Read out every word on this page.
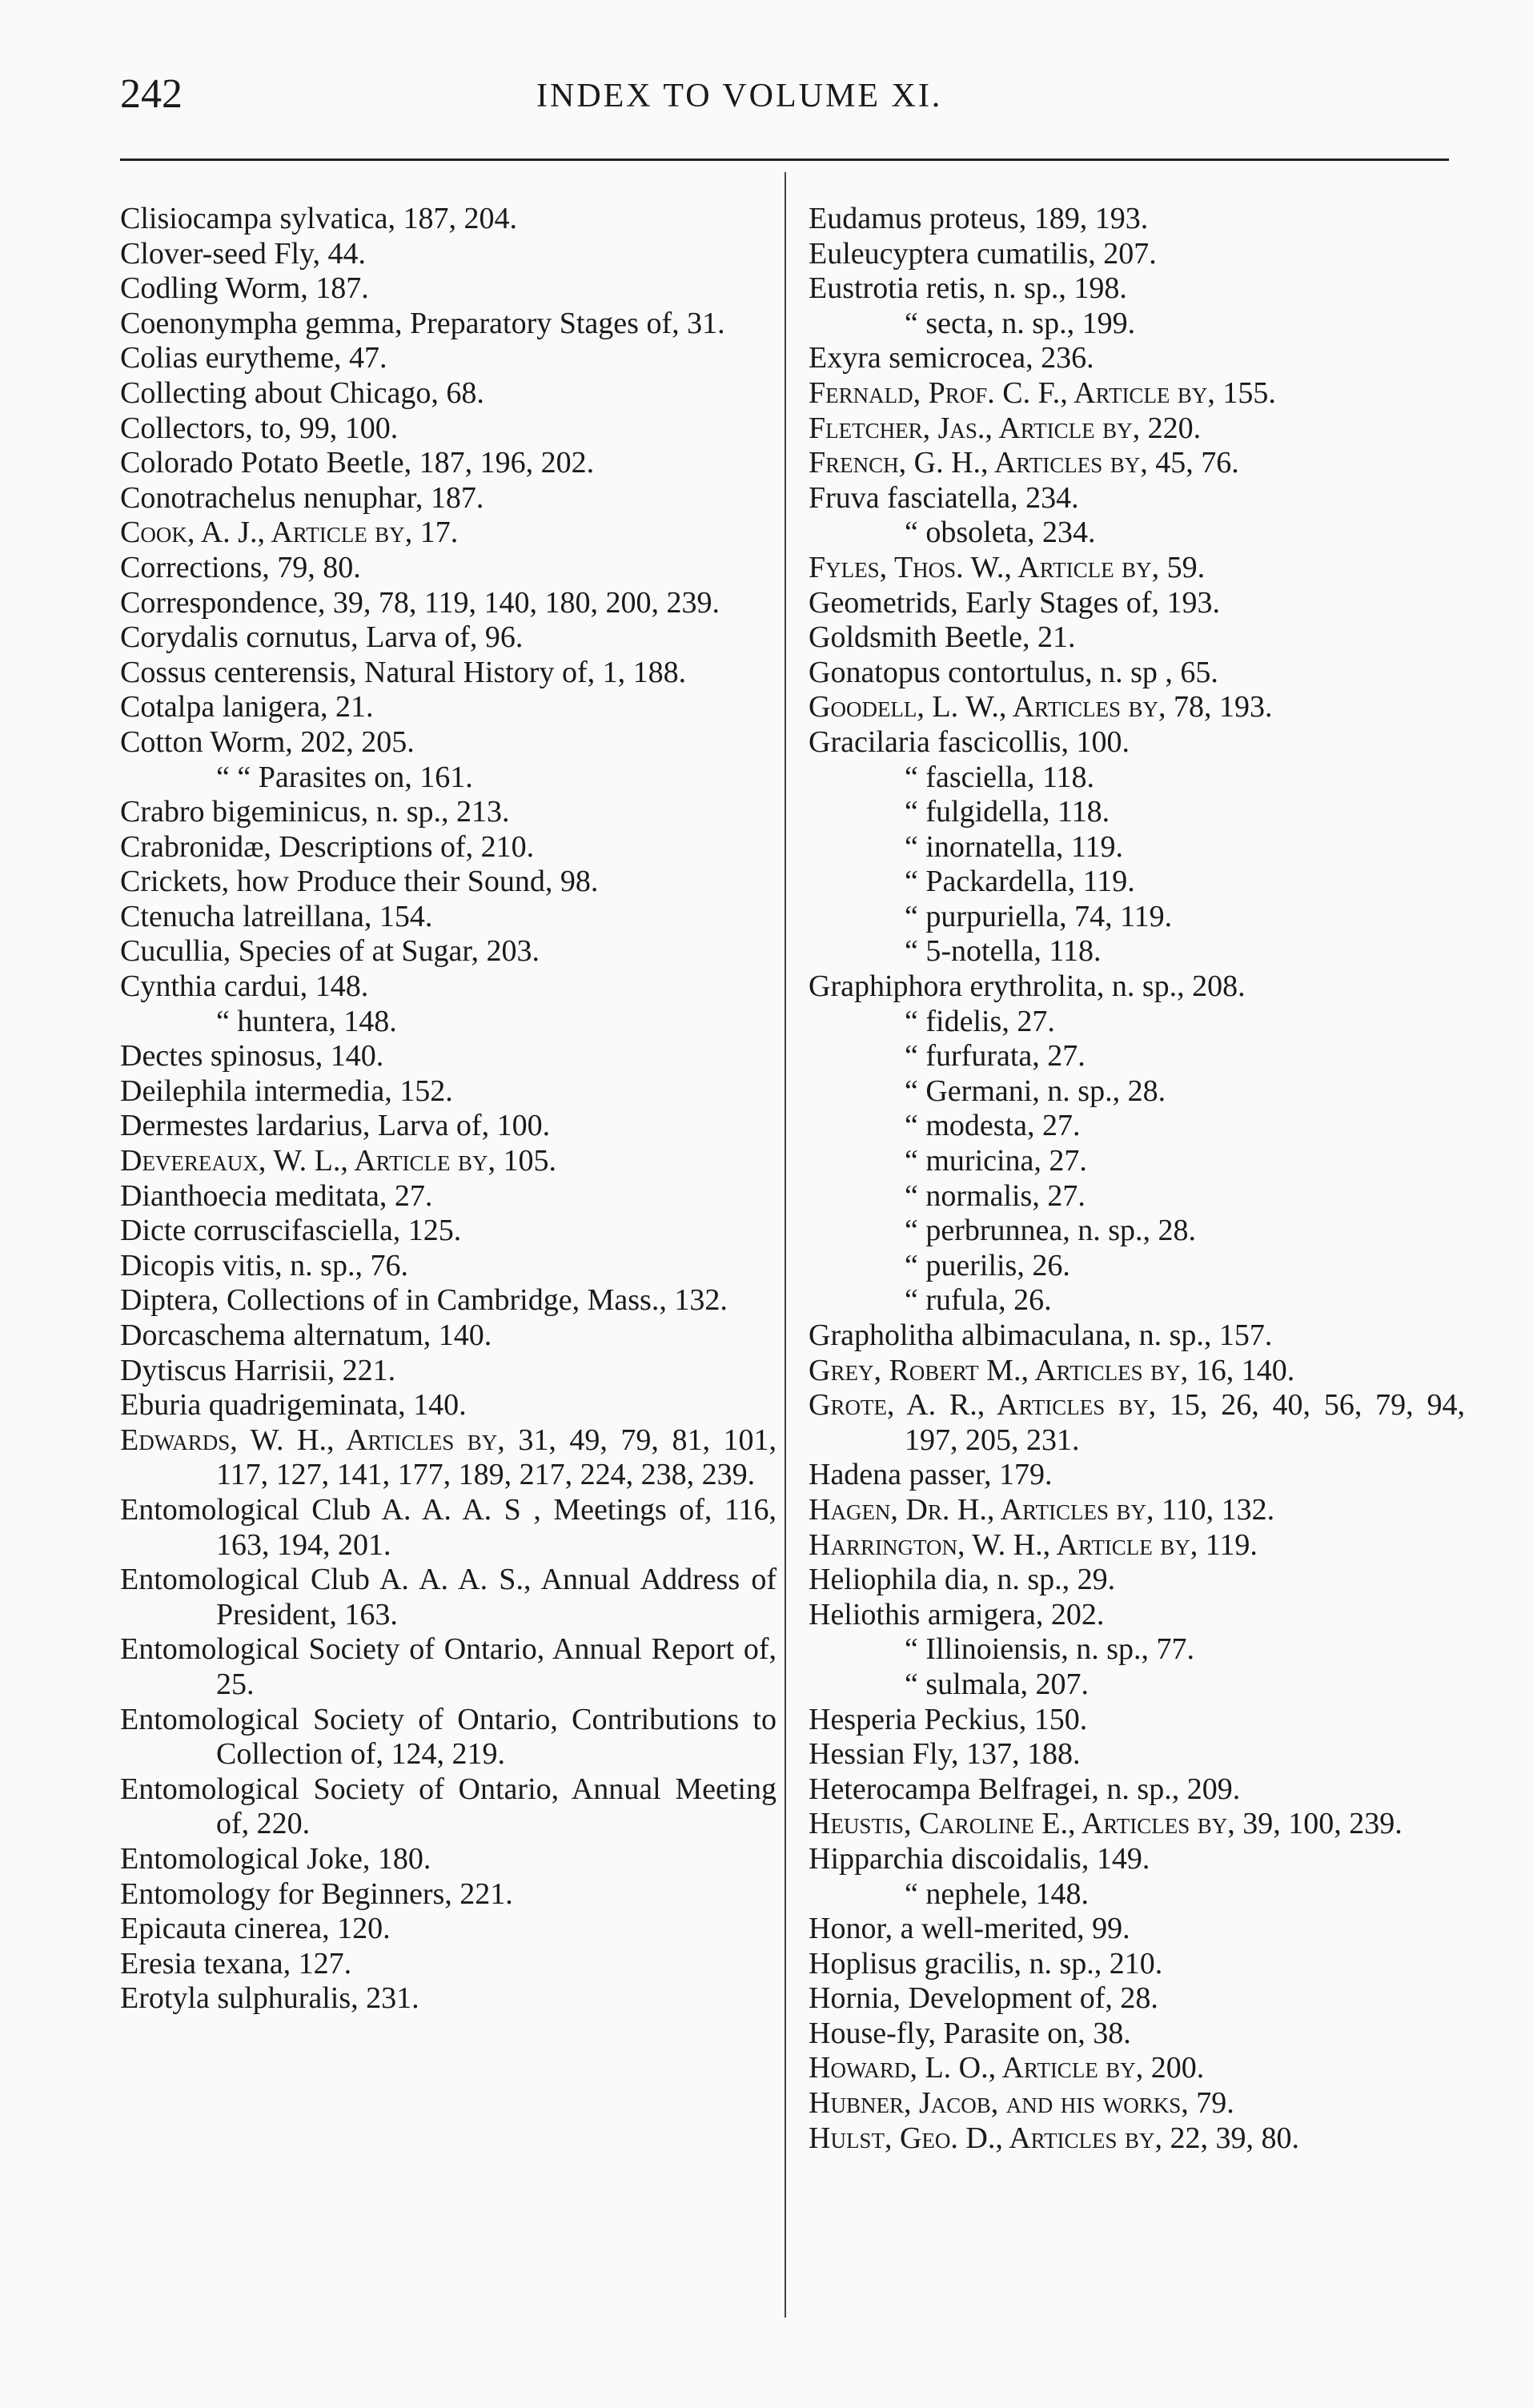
242	INDEX TO VOLUME XI.
Clisiocampa sylvatica, 187, 204.
Clover-seed Fly, 44.
Codling Worm, 187.
Coenonympha gemma, Preparatory Stages of, 31.
Colias eurytheme, 47.
Collecting about Chicago, 68.
Collectors, to, 99, 100.
Colorado Potato Beetle, 187, 196, 202.
Conotrachelus nenuphar, 187.
Cook, A. J., Article by, 17.
Corrections, 79, 80.
Correspondence, 39, 78, 119, 140, 180, 200, 239.
Corydalis cornutus, Larva of, 96.
Cossus centerensis, Natural History of, 1, 188.
Cotalpa lanigera, 21.
Cotton Worm, 202, 205.
“ “ Parasites on, 161.
Crabro bigeminicus, n. sp., 213.
Crabronidæ, Descriptions of, 210.
Crickets, how Produce their Sound, 98.
Ctenucha latreillana, 154.
Cucullia, Species of at Sugar, 203.
Cynthia cardui, 148.
“ huntera, 148.
Dectes spinosus, 140.
Deilephila intermedia, 152.
Dermestes lardarius, Larva of, 100.
Devereaux, W. L., Article by, 105.
Dianthoecia meditata, 27.
Dicte corruscifasciella, 125.
Dicopis vitis, n. sp., 76.
Diptera, Collections of in Cambridge, Mass., 132.
Dorcaschema alternatum, 140.
Dytiscus Harrisii, 221.
Eburia quadrigeminata, 140.
Edwards, W. H., Articles by, 31, 49, 79, 81, 101, 117, 127, 141, 177, 189, 217, 224, 238, 239.
Entomological Club A. A. A. S , Meetings of, 116, 163, 194, 201.
Entomological Club A. A. A. S., Annual Address of President, 163.
Entomological Society of Ontario, Annual Report of, 25.
Entomological Society of Ontario, Contributions to Collection of, 124, 219.
Entomological Society of Ontario, Annual Meeting of, 220.
Entomological Joke, 180.
Entomology for Beginners, 221.
Epicauta cinerea, 120.
Eresia texana, 127.
Erotyla sulphuralis, 231.
Eudamus proteus, 189, 193.
Euleucyptera cumatilis, 207.
Eustrotia retis, n. sp., 198.
“ secta, n. sp., 199.
Exyra semicrocea, 236.
Fernald, Prof. C. F., Article by, 155.
Fletcher, Jas., Article by, 220.
French, G. H., Articles by, 45, 76.
Fruva fasciatella, 234.
“ obsoleta, 234.
Fyles, Thos. W., Article by, 59.
Geometrids, Early Stages of, 193.
Goldsmith Beetle, 21.
Gonatopus contortulus, n. sp , 65.
Goodell, L. W., Articles by, 78, 193.
Gracilaria fascicollis, 100.
“ fasciella, 118.
“ fulgidella, 118.
“ inornatella, 119.
“ Packardella, 119.
“ purpuriella, 74, 119.
“ 5-notella, 118.
Graphiphora erythrolita, n. sp., 208.
“ fidelis, 27.
“ furfurata, 27.
“ Germani, n. sp., 28.
“ modesta, 27.
“ muricina, 27.
“ normalis, 27.
“ perbrunnea, n. sp., 28.
“ puerilis, 26.
“ rufula, 26.
Grapholitha albimaculana, n. sp., 157.
Grey, Robert M., Articles by, 16, 140.
Grote, A. R., Articles by, 15, 26, 40, 56, 79, 94, 197, 205, 231.
Hadena passer, 179.
Hagen, Dr. H., Articles by, 110, 132.
Harrington, W. H., Article by, 119.
Heliophila dia, n. sp., 29.
Heliothis armigera, 202.
“ Illinoiensis, n. sp., 77.
“ sulmala, 207.
Hesperia Peckius, 150.
Hessian Fly, 137, 188.
Heterocampa Belfragei, n. sp., 209.
Heustis, Caroline E., Articles by, 39, 100, 239.
Hipparchia discoidalis, 149.
“ nephele, 148.
Honor, a well-merited, 99.
Hoplisus gracilis, n. sp., 210.
Hornia, Development of, 28.
House-fly, Parasite on, 38.
Howard, L. O., Article by, 200.
Hubner, Jacob, and his works, 79.
Hulst, Geo. D., Articles by, 22, 39, 80.
